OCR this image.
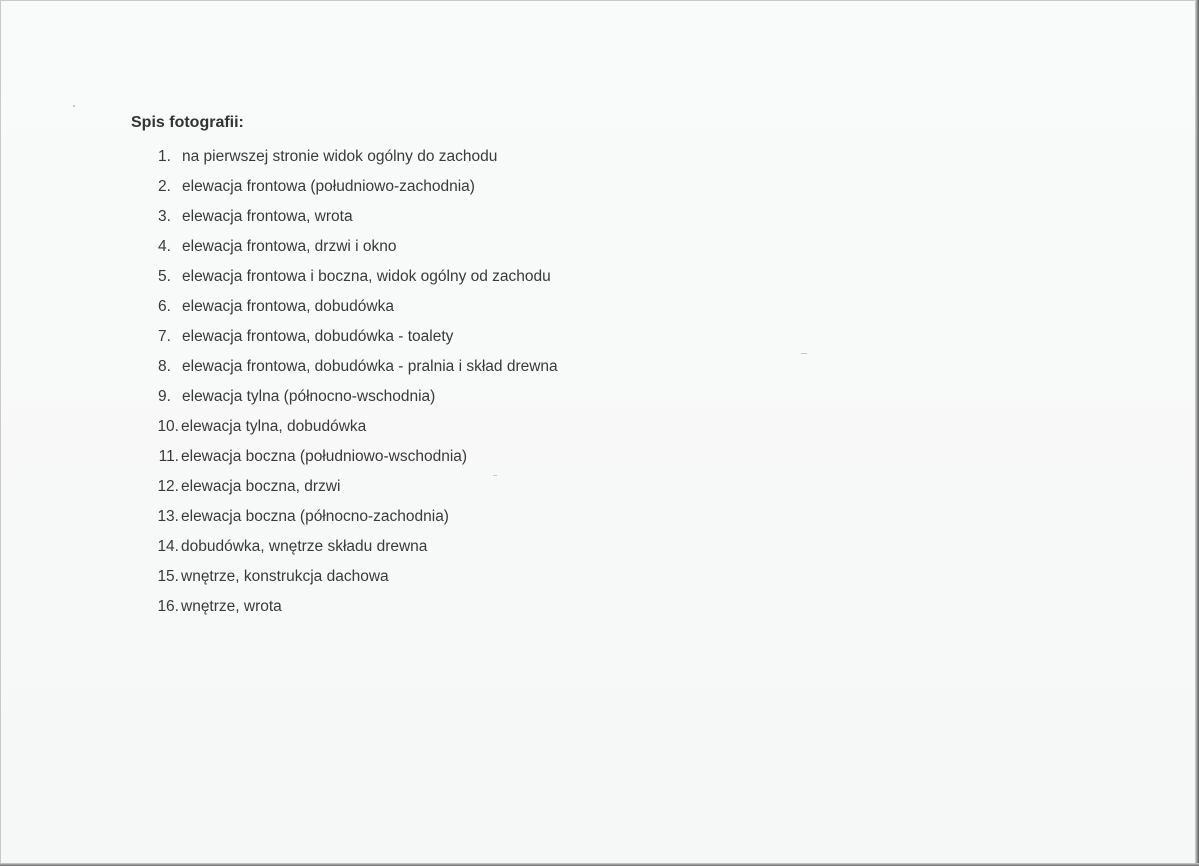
Spis fotografii:
1. na pierwszej stronie widok ogólny do zachodu
2. elewacja frontowa (południowo-zachodnia)
3. elewacja frontowa, wrota
4. elewacja frontowa, drzwi i okno
5. elewacja frontowa i boczna, widok ogólny od zachodu
6. elewacja frontowa, dobudówka
7. elewacja frontowa, dobudówka - toalety
8. elewacja frontowa, dobudówka - pralnia i skład drewna
9. elewacja tylna (północno-wschodnia)
10. elewacja tylna, dobudówka
11. elewacja boczna (południowo-wschodnia)
12. elewacja boczna, drzwi
13. elewacja boczna (północno-zachodnia)
14. dobudówka, wnętrze składu drewna
15. wnętrze, konstrukcja dachowa
16. wnętrze, wrota
